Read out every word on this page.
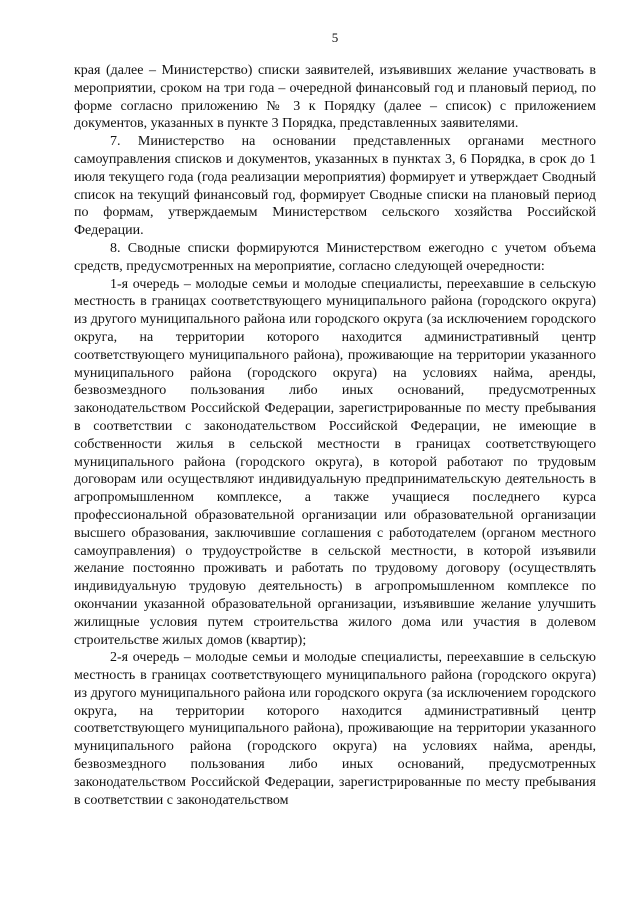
5

края (далее – Министерство) списки заявителей, изъявивших желание участвовать в мероприятии, сроком на три года – очередной финансовый год и плановый период, по форме согласно приложению № 3 к Порядку (далее – список) с приложением документов, указанных в пункте 3 Порядка, представленных заявителями.

7. Министерство на основании представленных органами местного самоуправления списков и документов, указанных в пунктах 3, 6 Порядка, в срок до 1 июля текущего года (года реализации мероприятия) формирует и утверждает Сводный список на текущий финансовый год, формирует Сводные списки на плановый период по формам, утверждаемым Министерством сельского хозяйства Российской Федерации.

8. Сводные списки формируются Министерством ежегодно с учетом объема средств, предусмотренных на мероприятие, согласно следующей очередности:

1-я очередь – молодые семьи и молодые специалисты, переехавшие в сельскую местность в границах соответствующего муниципального района (городского округа) из другого муниципального района или городского округа (за исключением городского округа, на территории которого находится административный центр соответствующего муниципального района), проживающие на территории указанного муниципального района (городского округа) на условиях найма, аренды, безвозмездного пользования либо иных оснований, предусмотренных законодательством Российской Федерации, зарегистрированные по месту пребывания в соответствии с законодательством Российской Федерации, не имеющие в собственности жилья в сельской местности в границах соответствующего муниципального района (городского округа), в которой работают по трудовым договорам или осуществляют индивидуальную предпринимательскую деятельность в агропромышленном комплексе, а также учащиеся последнего курса профессиональной образовательной организации или образовательной организации высшего образования, заключившие соглашения с работодателем (органом местного самоуправления) о трудоустройстве в сельской местности, в которой изъявили желание постоянно проживать и работать по трудовому договору (осуществлять индивидуальную трудовую деятельность) в агропромышленном комплексе по окончании указанной образовательной организации, изъявившие желание улучшить жилищные условия путем строительства жилого дома или участия в долевом строительстве жилых домов (квартир);

2-я очередь – молодые семьи и молодые специалисты, переехавшие в сельскую местность в границах соответствующего муниципального района (городского округа) из другого муниципального района или городского округа (за исключением городского округа, на территории которого находится административный центр соответствующего муниципального района), проживающие на территории указанного муниципального района (городского округа) на условиях найма, аренды, безвозмездного пользования либо иных оснований, предусмотренных законодательством Российской Федерации, зарегистрированные по месту пребывания в соответствии с законодательством
